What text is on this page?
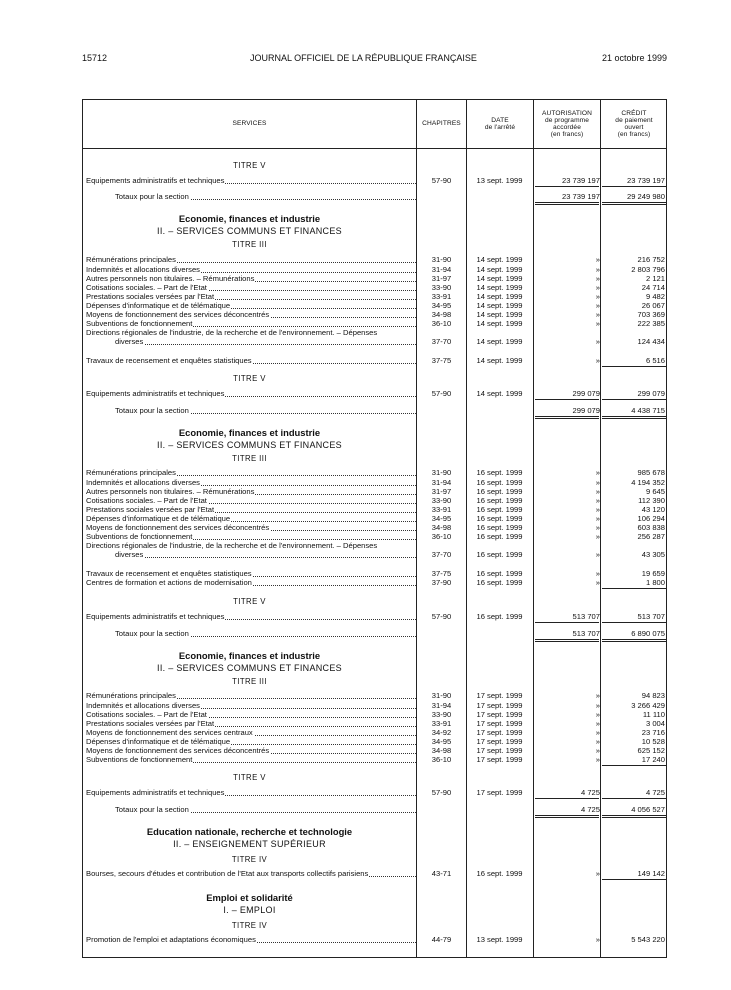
15712	JOURNAL OFFICIEL DE LA RÉPUBLIQUE FRANÇAISE	21 octobre 1999
SERVICES	CHAPITRES
DATE
de l'arrêté
AUTORISATION
de programme
accordée
(en francs)
CRÉDIT
de paiement
ouvert
(en francs)
TITRE V
Equipements administratifs et techniques	57-90	13 sept. 1999	23 739 197	23 739 197
Totaux pour la section	23 739 197	29 249 980
Economie, finances et industrie
II. – SERVICES COMMUNS ET FINANCES
TITRE III
Rémunérations principales	31-90	14 sept. 1999	»	216 752
Indemnités et allocations diverses	31-94	14 sept. 1999	»	2 803 796
Autres personnels non titulaires. – Rémunérations	31-97	14 sept. 1999	»	2 121
Cotisations sociales. – Part de l'Etat	33-90	14 sept. 1999	»	24 714
Prestations sociales versées par l'Etat	33-91	14 sept. 1999	»	9 482
Dépenses d'informatique et de télématique	34-95	14 sept. 1999	»	26 067
Moyens de fonctionnement des services déconcentrés	34-98	14 sept. 1999	»	703 369
Subventions de fonctionnement	36-10	14 sept. 1999	»	222 385
Directions régionales de l'industrie, de la recherche et de l'environnement. – Dépenses
diverses	37-70	14 sept. 1999	»	124 434
Travaux de recensement et enquêtes statistiques	37-75	14 sept. 1999	»	6 516
TITRE V
Equipements administratifs et techniques	57-90	14 sept. 1999	299 079	299 079
Totaux pour la section	299 079	4 438 715
Economie, finances et industrie
II. – SERVICES COMMUNS ET FINANCES
TITRE III
Rémunérations principales	31-90	16 sept. 1999	»	985 678
Indemnités et allocations diverses	31-94	16 sept. 1999	»	4 194 352
Autres personnels non titulaires. – Rémunérations	31-97	16 sept. 1999	»	9 645
Cotisations sociales. – Part de l'Etat	33-90	16 sept. 1999	»	112 390
Prestations sociales versées par l'Etat	33-91	16 sept. 1999	»	43 120
Dépenses d'informatique et de télématique	34-95	16 sept. 1999	»	106 294
Moyens de fonctionnement des services déconcentrés	34-98	16 sept. 1999	»	603 838
Subventions de fonctionnement	36-10	16 sept. 1999	»	256 287
Directions régionales de l'industrie, de la recherche et de l'environnement. – Dépenses
diverses	37-70	16 sept. 1999	»	43 305
Travaux de recensement et enquêtes statistiques	37-75	16 sept. 1999	»	19 659
Centres de formation et actions de modernisation	37-90	16 sept. 1999	»	1 800
TITRE V
Equipements administratifs et techniques	57-90	16 sept. 1999	513 707	513 707
Totaux pour la section	513 707	6 890 075
Economie, finances et industrie
II. – SERVICES COMMUNS ET FINANCES
TITRE III
Rémunérations principales	31-90	17 sept. 1999	»	94 823
Indemnités et allocations diverses	31-94	17 sept. 1999	»	3 266 429
Cotisations sociales. – Part de l'Etat	33-90	17 sept. 1999	»	11 110
Prestations sociales versées par l'Etat	33-91	17 sept. 1999	»	3 004
Moyens de fonctionnement des services centraux	34-92	17 sept. 1999	»	23 716
Dépenses d'informatique et de télématique	34-95	17 sept. 1999	»	10 528
Moyens de fonctionnement des services déconcentrés	34-98	17 sept. 1999	»	625 152
Subventions de fonctionnement	36-10	17 sept. 1999	»	17 240
TITRE V
Equipements administratifs et techniques	57-90	17 sept. 1999	4 725	4 725
Totaux pour la section	4 725	4 056 527
Education nationale, recherche et technologie
II. – ENSEIGNEMENT SUPÉRIEUR
TITRE IV
Bourses, secours d'études et contribution de l'Etat aux transports collectifs parisiens	43-71	16 sept. 1999	»	149 142
Emploi et solidarité
I. – EMPLOI
TITRE IV
Promotion de l'emploi et adaptations économiques	44-79	13 sept. 1999	»	5 543 220
